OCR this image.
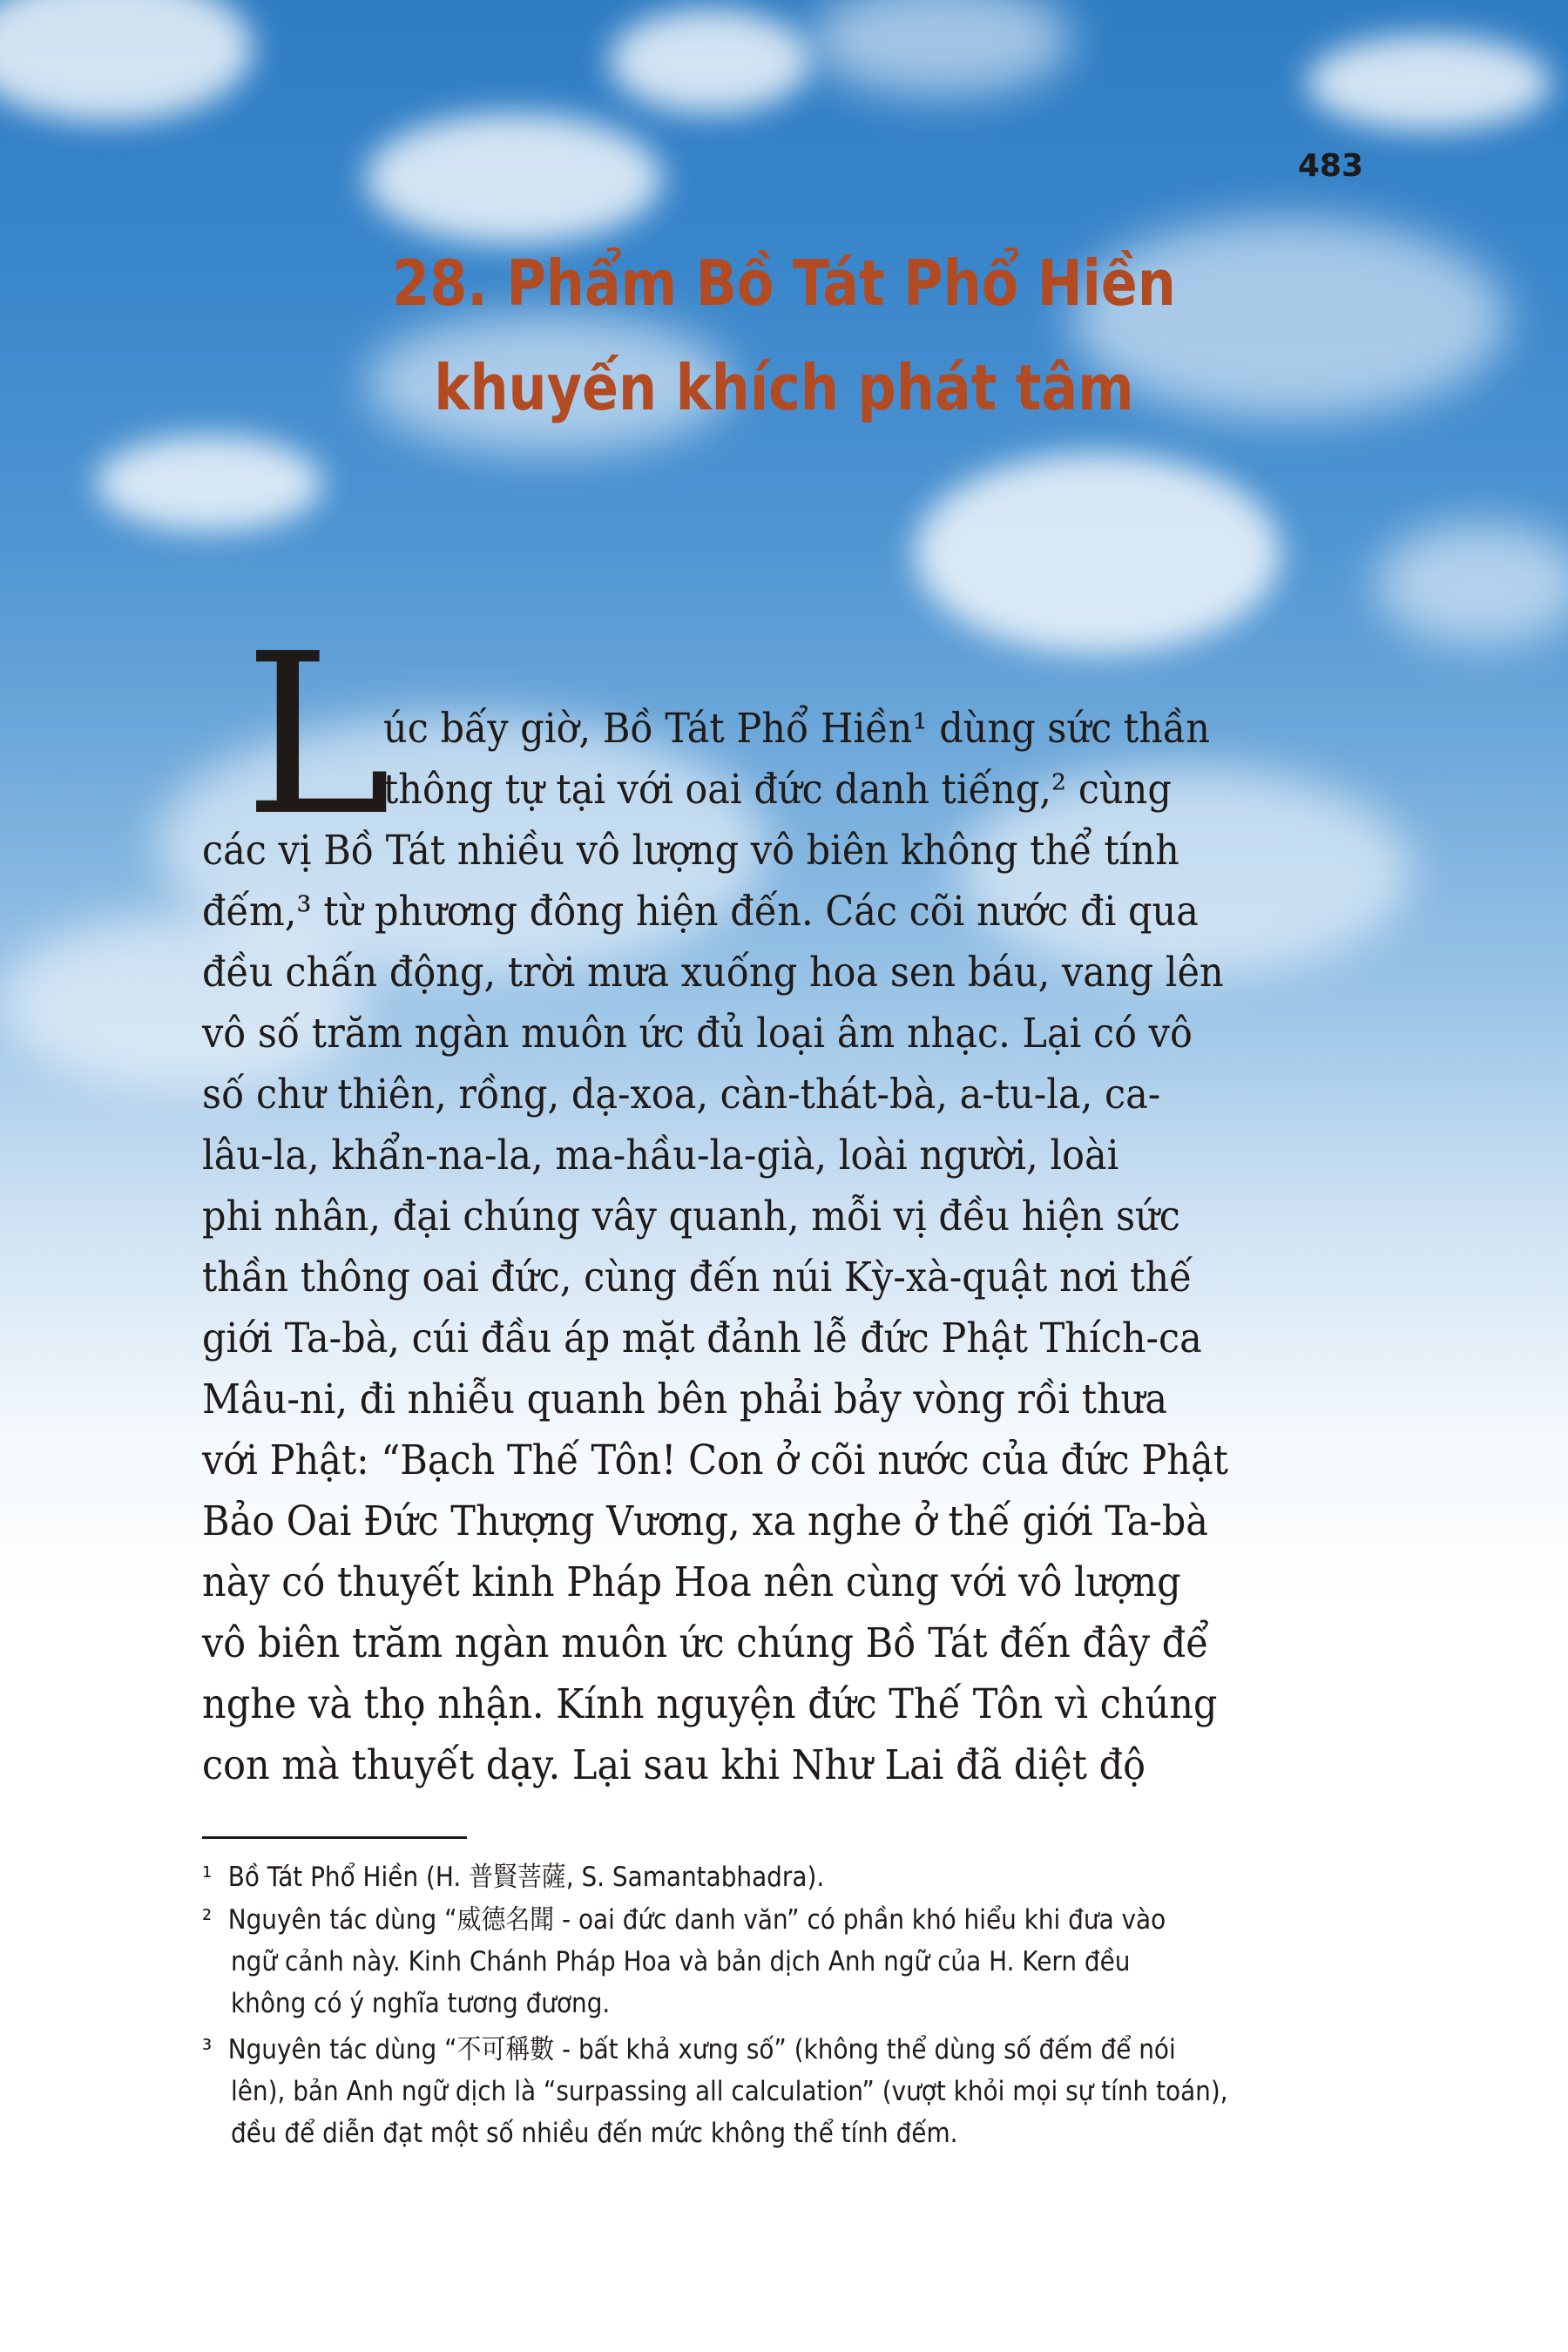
483
28. Phẩm Bồ Tát Phổ Hiền
khuyến khích phát tâm
L

úc bấy giờ, Bồ Tát Phổ Hiền¹ dùng sức thần

thông tự tại với oai đức danh tiếng,² cùng

các vị Bồ Tát nhiều vô lượng vô biên không thể tính

đếm,³ từ phương đông hiện đến. Các cõi nước đi qua

đều chấn động, trời mưa xuống hoa sen báu, vang lên

vô số trăm ngàn muôn ức đủ loại âm nhạc. Lại có vô

số chư thiên, rồng, dạ-xoa, càn-thát-bà, a-tu-la, ca-

lâu-la, khẩn-na-la, ma-hầu-la-già, loài người, loài

phi nhân, đại chúng vây quanh, mỗi vị đều hiện sức

thần thông oai đức, cùng đến núi Kỳ-xà-quật nơi thế

giới Ta-bà, cúi đầu áp mặt đảnh lễ đức Phật Thích-ca

Mâu-ni, đi nhiễu quanh bên phải bảy vòng rồi thưa

với Phật: “Bạch Thế Tôn! Con ở cõi nước của đức Phật

Bảo Oai Đức Thượng Vương, xa nghe ở thế giới Ta-bà

này có thuyết kinh Pháp Hoa nên cùng với vô lượng

vô biên trăm ngàn muôn ức chúng Bồ Tát đến đây để

nghe và thọ nhận. Kính nguyện đức Thế Tôn vì chúng

con mà thuyết dạy. Lại sau khi Như Lai đã diệt độ

¹ Bồ Tát Phổ Hiền (H. 普賢菩薩, S. Samantabhadra).

² Nguyên tác dùng “威德名聞 - oai đức danh văn” có phần khó hiểu khi đưa vào

ngữ cảnh này. Kinh Chánh Pháp Hoa và bản dịch Anh ngữ của H. Kern đều

không có ý nghĩa tương đương.

³ Nguyên tác dùng “不可稱數 - bất khả xưng số” (không thể dùng số đếm để nói

lên), bản Anh ngữ dịch là “surpassing all calculation” (vượt khỏi mọi sự tính toán),

đều để diễn đạt một số nhiều đến mức không thể tính đếm.
